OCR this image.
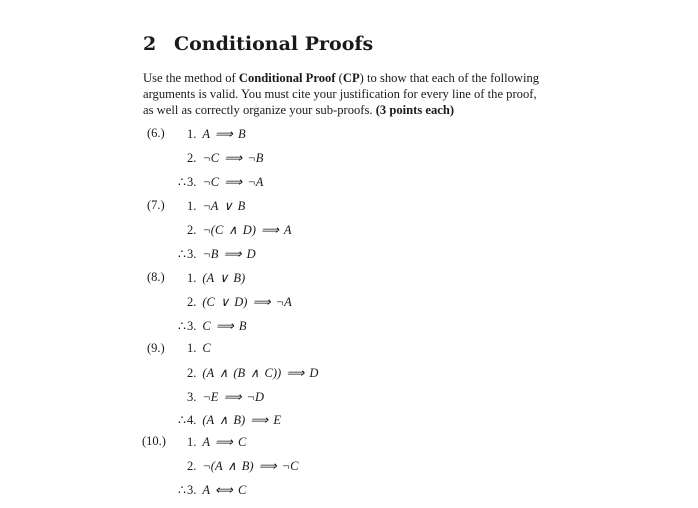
2 Conditional Proofs
Use the method of Conditional Proof (CP) to show that each of the following
arguments is valid. You must cite your justification for every line of the proof,
as well as correctly organize your sub-proofs. (3 points each)
(6.) 1. A ⟹ B
2. ¬C ⟹ ¬B
∴ 3. ¬C ⟹ ¬A
(7.) 1. ¬A ∨ B
2. ¬(C ∧ D) ⟹ A
∴ 3. ¬B ⟹ D
(8.) 1. (A ∨ B)
2. (C ∨ D) ⟹ ¬A
∴ 3. C ⟹ B
(9.) 1. C
2. (A ∧ (B ∧ C)) ⟹ D
3. ¬E ⟹ ¬D
∴ 4. (A ∧ B) ⟹ E
(10.) 1. A ⟹ C
2. ¬(A ∧ B) ⟹ ¬C
∴ 3. A ⟺ C
